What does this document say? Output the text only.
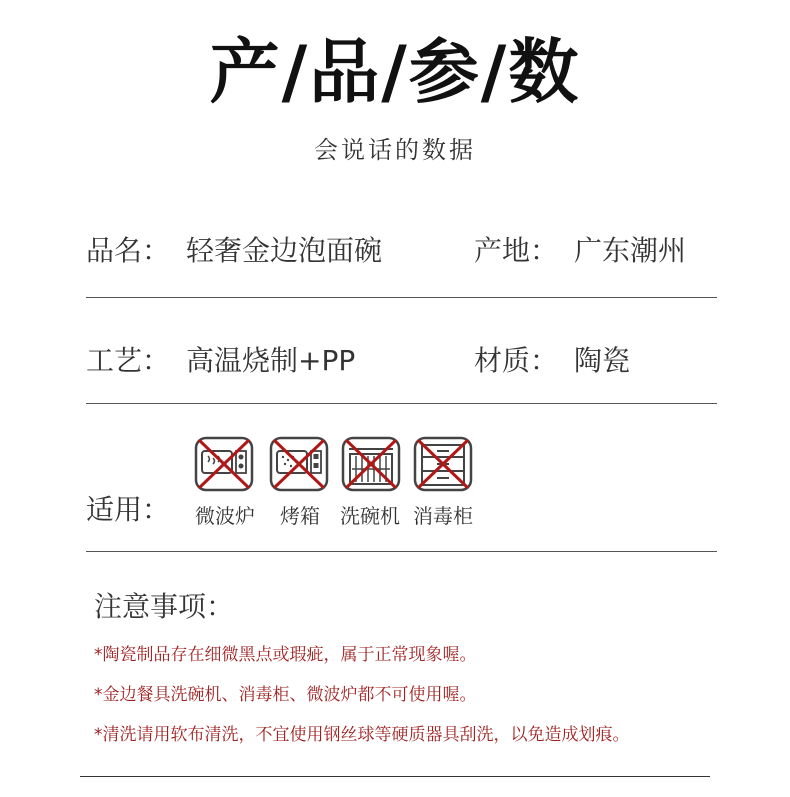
产/品/参/数
会说话的数据
品名： 轻奢金边泡面碗	产地： 广东潮州
工艺： 高温烧制+PP	材质： 陶瓷
适用： 微波炉 烤箱 洗碗机 消毒柜
注意事项：
*陶瓷制品存在细微黑点或瑕疵，属于正常现象喔。
*金边餐具洗碗机、消毒柜、微波炉都不可使用喔。
*清洗请用软布清洗，不宜使用钢丝球等硬质器具刮洗，以免造成划痕。
